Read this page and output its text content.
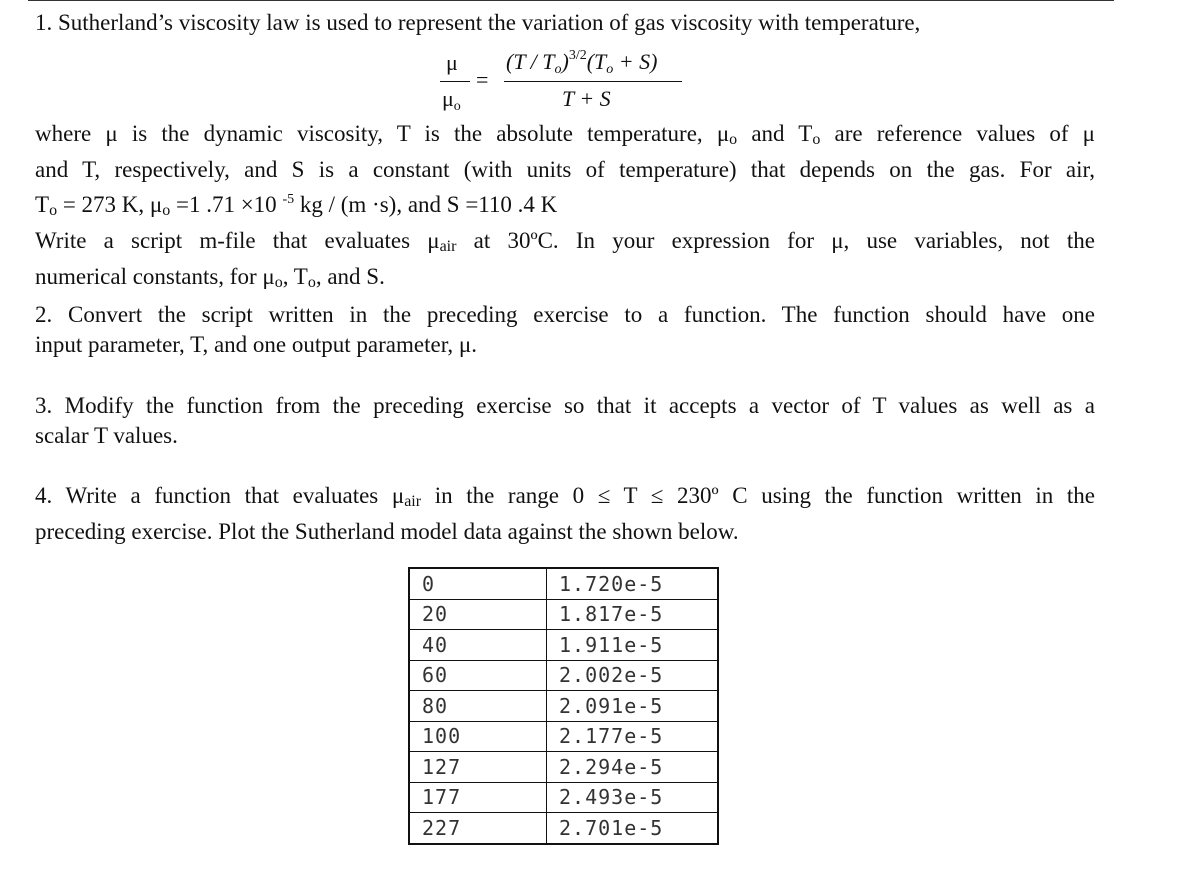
1. Sutherland’s viscosity law is used to represent the variation of gas viscosity with temperature,
μ
μo
=
(T / To)$^{3/2}$(To + S)
T + S
where μ is the dynamic viscosity, T is the absolute temperature, μo and To are reference values of μ
and T, respectively, and S is a constant (with units of temperature) that depends on the gas. For air,
To = 273 K, μo =1 .71 ×10 $^{-5}$ kg / (m ·s), and S =110 .4 K
Write a script m-file that evaluates μair at 30ºC. In your expression for μ, use variables, not the
numerical constants, for μo, To, and S.
2. Convert the script written in the preceding exercise to a function. The function should have one
input parameter, T, and one output parameter, μ.
3. Modify the function from the preceding exercise so that it accepts a vector of T values as well as a
scalar T values.
4. Write a function that evaluates μair in the range 0 ≤ T ≤ 230º C using the function written in the
preceding exercise. Plot the Sutherland model data against the shown below.
0	1.720e-5
20	1.817e-5
40	1.911e-5
60	2.002e-5
80	2.091e-5
100	2.177e-5
127	2.294e-5
177	2.493e-5
227	2.701e-5
